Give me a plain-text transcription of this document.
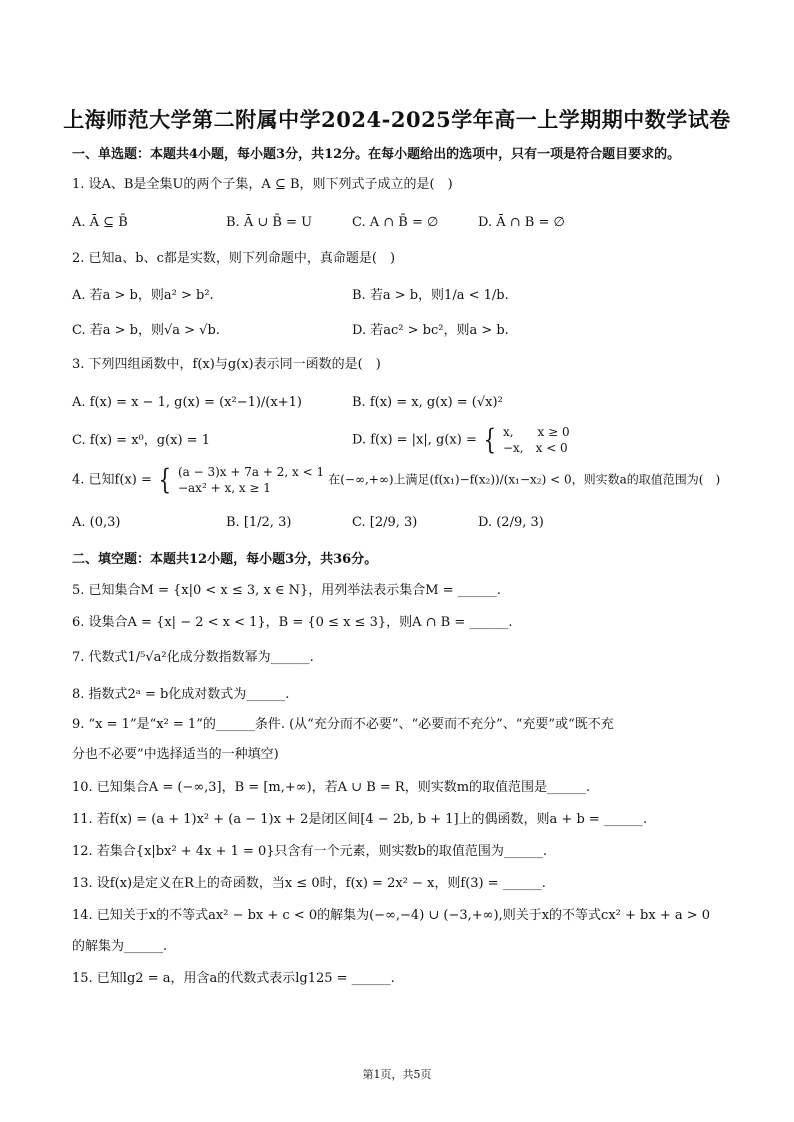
上海师范大学第二附属中学2024-2025学年高一上学期期中数学试卷
一、单选题：本题共4小题，每小题3分，共12分。在每小题给出的选项中，只有一项是符合题目要求的。
1. 设A、B是全集U的两个子集，A ⊆ B，则下列式子成立的是(　)
A. Ā ⊆ B̄	B. Ā ∪ B̄ = U	C. A ∩ B̄ = ∅	D. Ā ∩ B = ∅
2. 已知a、b、c都是实数，则下列命题中，真命题是(　)
A. 若a > b，则a² > b².	B. 若a > b，则1/a < 1/b.
C. 若a > b，则√a > √b.	D. 若ac² > bc²，则a > b.
3. 下列四组函数中，f(x)与g(x)表示同一函数的是(　)
A. f(x) = x − 1, g(x) = (x²−1)/(x+1)	B. f(x) = x, g(x) = (√x)²
C. f(x) = x⁰，g(x) = 1	D. f(x) = |x|, g(x) = { x,　　x ≥ 0
−x,　x < 0
4. 已知f(x) = { (a − 3)x + 7a + 2, x < 1
−ax² + x, x ≥ 1
在(−∞,+∞)上满足(f(x₁)−f(x₂))/(x₁−x₂) < 0，则实数a的取值范围为(　)
A. (0,3)	B. [1/2, 3)	C. [2/9, 3)	D. (2/9, 3)
二、填空题：本题共12小题，每小题3分，共36分。
5. 已知集合M = {x|0 < x ≤ 3, x ∈ N}，用列举法表示集合M = ______.
6. 设集合A = {x| − 2 < x < 1}，B = {0 ≤ x ≤ 3}，则A ∩ B = ______.
7. 代数式1/⁵√a²化成分数指数幂为______.
8. 指数式2ᵃ = b化成对数式为______.
9. “x = 1”是“x² = 1”的______条件. (从“充分而不必要”、“必要而不充分”、“充要”或“既不充
分也不必要”中选择适当的一种填空)
10. 已知集合A = (−∞,3]，B = [m,+∞)，若A ∪ B = R，则实数m的取值范围是______.
11. 若f(x) = (a + 1)x² + (a − 1)x + 2是闭区间[4 − 2b, b + 1]上的偶函数，则a + b = ______.
12. 若集合{x|bx² + 4x + 1 = 0}只含有一个元素，则实数b的取值范围为______.
13. 设f(x)是定义在R上的奇函数，当x ≤ 0时，f(x) = 2x² − x，则f(3) = ______.
14. 已知关于x的不等式ax² − bx + c < 0的解集为(−∞,−4) ∪ (−3,+∞),则关于x的不等式cx² + bx + a > 0
的解集为______.
15. 已知lg2 = a，用含a的代数式表示lg125 = ______.
第1页，共5页
